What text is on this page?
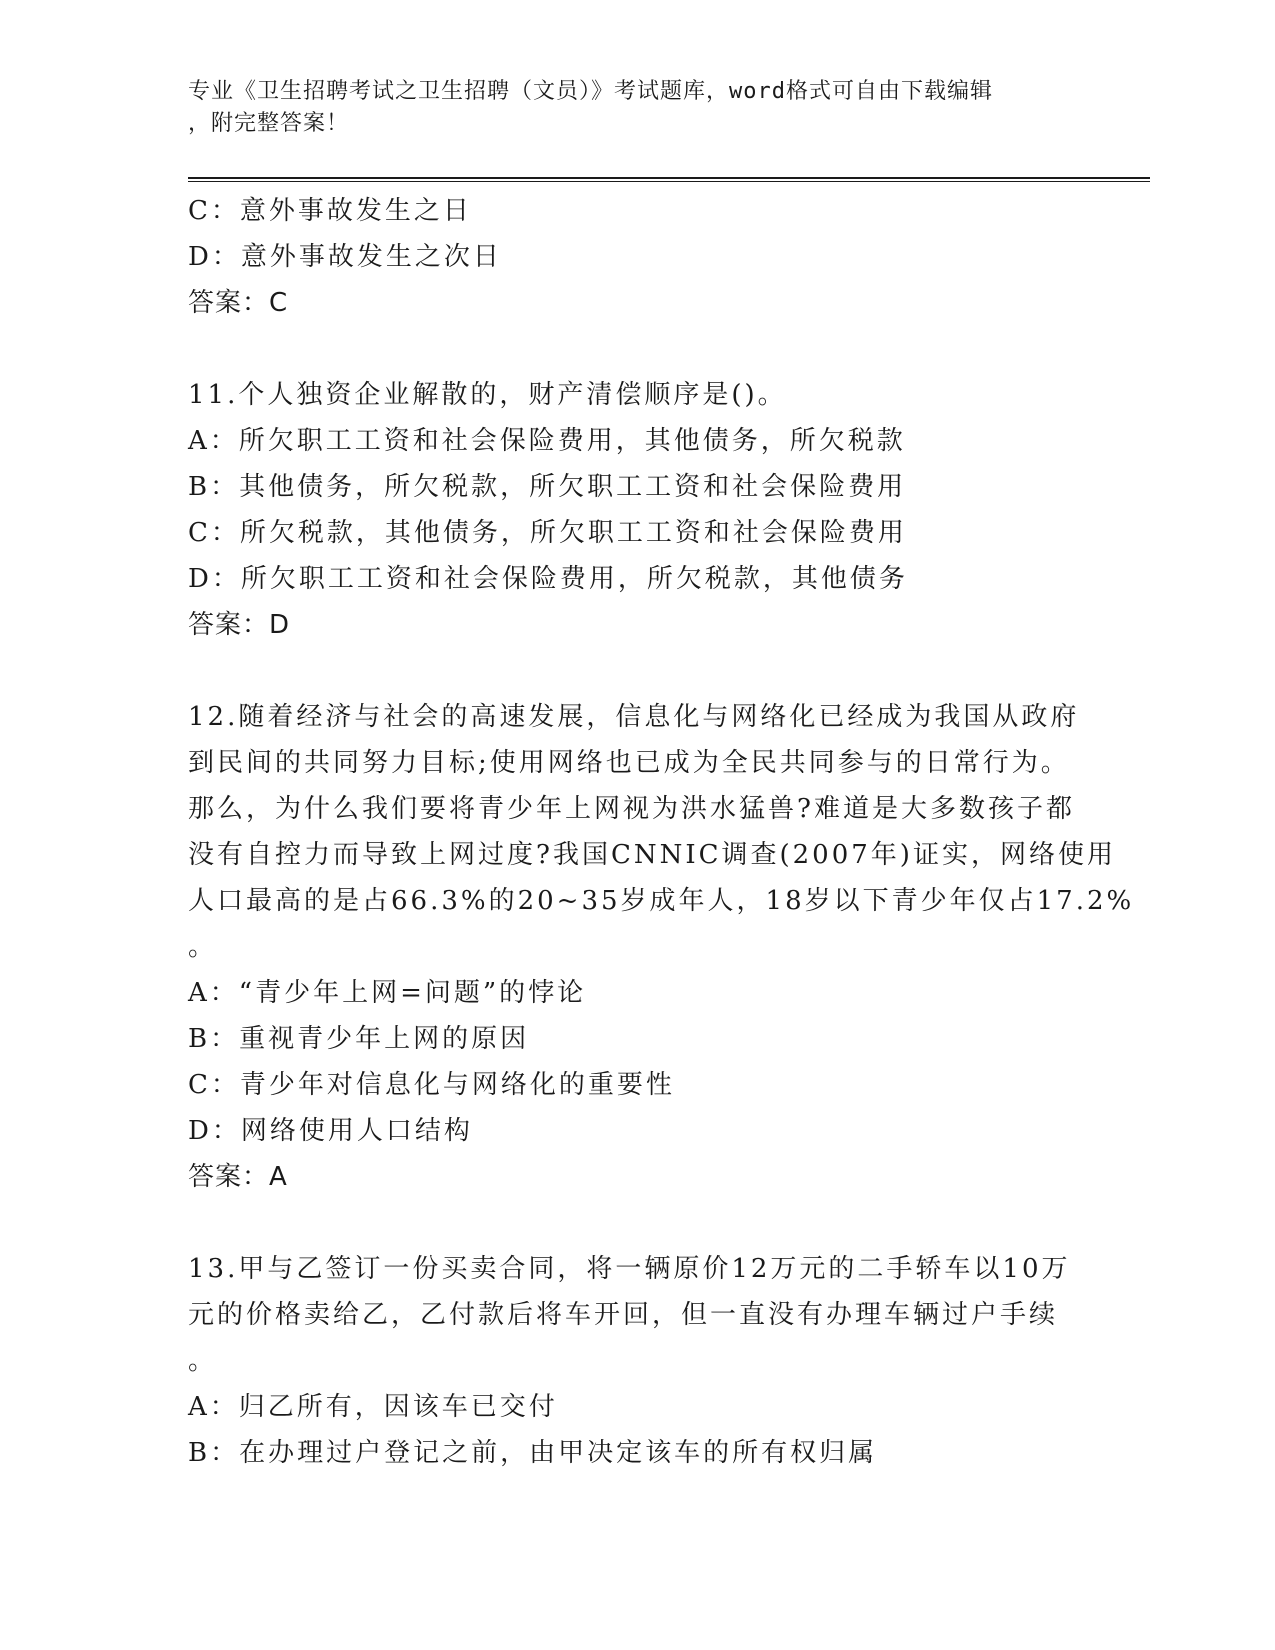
专业《卫生招聘考试之卫生招聘（文员）》考试题库，word格式可自由下载编辑
，附完整答案！
C：意外事故发生之日
D：意外事故发生之次日
答案：C
11.个人独资企业解散的，财产清偿顺序是()。
A：所欠职工工资和社会保险费用，其他债务，所欠税款
B：其他债务，所欠税款，所欠职工工资和社会保险费用
C：所欠税款，其他债务，所欠职工工资和社会保险费用
D：所欠职工工资和社会保险费用，所欠税款，其他债务
答案：D
12.随着经济与社会的高速发展，信息化与网络化已经成为我国从政府
到民间的共同努力目标;使用网络也已成为全民共同参与的日常行为。
那么，为什么我们要将青少年上网视为洪水猛兽?难道是大多数孩子都
没有自控力而导致上网过度?我国CNNIC调查(2007年)证实，网络使用
人口最高的是占66.3%的20~35岁成年人，18岁以下青少年仅占17.2%
。
A：“青少年上网=问题”的悖论
B：重视青少年上网的原因
C：青少年对信息化与网络化的重要性
D：网络使用人口结构
答案：A
13.甲与乙签订一份买卖合同，将一辆原价12万元的二手轿车以10万
元的价格卖给乙，乙付款后将车开回，但一直没有办理车辆过户手续
。
A：归乙所有，因该车已交付
B：在办理过户登记之前，由甲决定该车的所有权归属
